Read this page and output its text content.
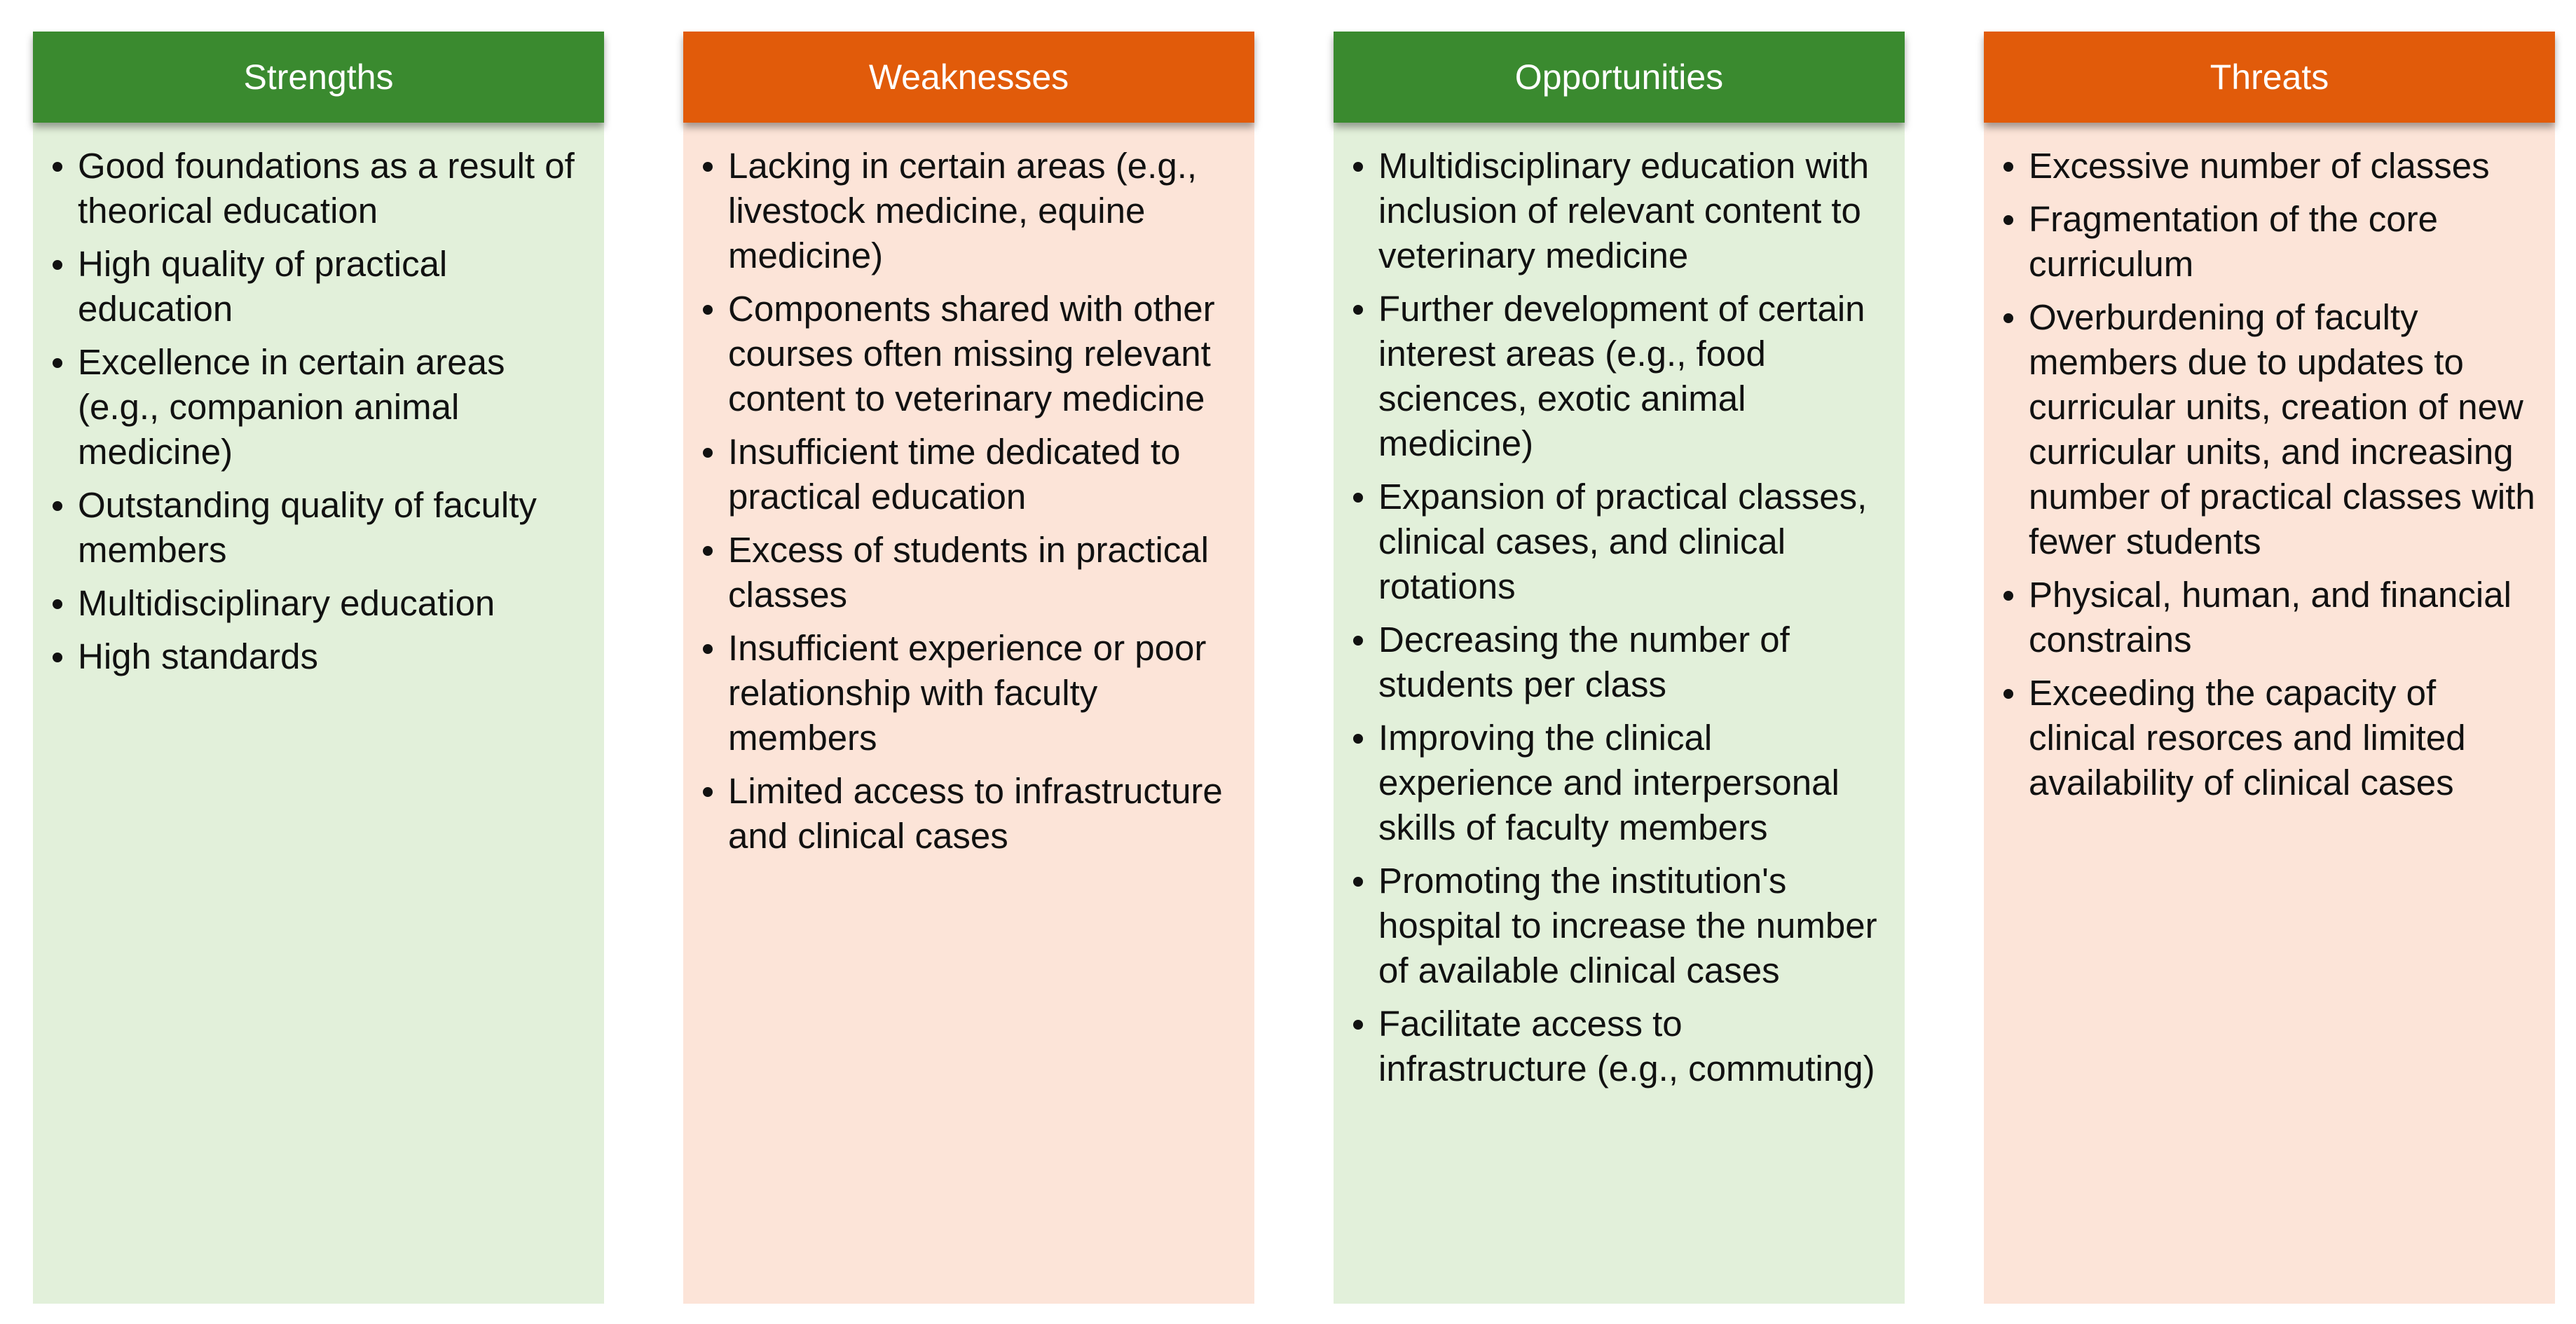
Strengths
Good foundations as a result of theorical education
High quality of practical education
Excellence in certain areas (e.g., companion animal medicine)
Outstanding quality of faculty members
Multidisciplinary education
High standards
Weaknesses
Lacking in certain areas (e.g., livestock medicine, equine medicine)
Components shared with other courses often missing relevant content to veterinary medicine
Insufficient time dedicated to practical education
Excess of students in practical classes
Insufficient experience or poor relationship with faculty members
Limited access to infrastructure and clinical cases
Opportunities
Multidisciplinary education with inclusion of relevant content to veterinary medicine
Further development of certain interest areas (e.g., food sciences, exotic animal medicine)
Expansion of practical classes, clinical cases, and clinical rotations
Decreasing the number of students per class
Improving the clinical experience and interpersonal skills of faculty members
Promoting the institution's hospital to increase the number of available clinical cases
Facilitate access to infrastructure (e.g., commuting)
Threats
Excessive number of classes
Fragmentation of the core curriculum
Overburdening of faculty members due to updates to curricular units, creation of new curricular units, and increasing number of practical classes with fewer students
Physical, human, and financial constrains
Exceeding the capacity of clinical resorces and limited availability of clinical cases
